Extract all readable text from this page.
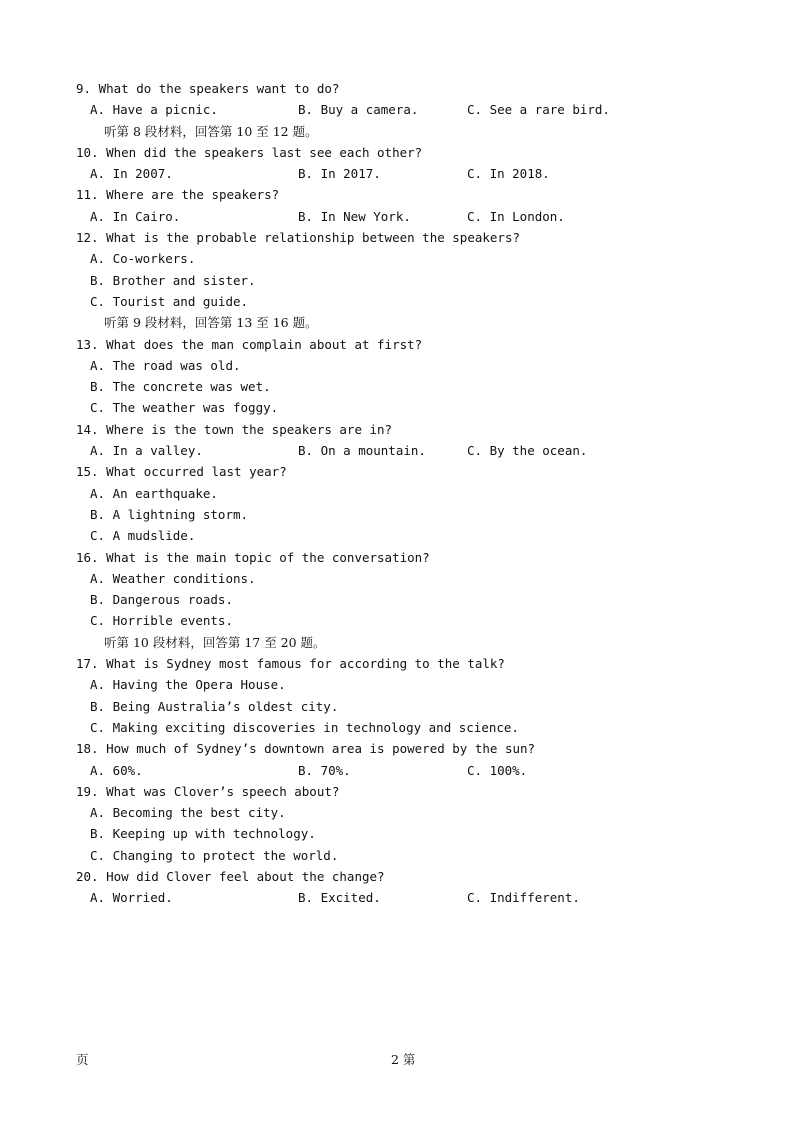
9. What do the speakers want to do?
A. Have a picnic.	B. Buy a camera.	C. See a rare bird.
听第 8 段材料，回答第 10 至 12 题。
10. When did the speakers last see each other?
A. In 2007.	B. In 2017.	C. In 2018.
11. Where are the speakers?
A. In Cairo.	B. In New York.	C. In London.
12. What is the probable relationship between the speakers?
A. Co-workers.
B. Brother and sister.
C. Tourist and guide.
听第 9 段材料，回答第 13 至 16 题。
13. What does the man complain about at first?
A. The road was old.
B. The concrete was wet.
C. The weather was foggy.
14. Where is the town the speakers are in?
A. In a valley.	B. On a mountain.	C. By the ocean.
15. What occurred last year?
A. An earthquake.
B. A lightning storm.
C. A mudslide.
16. What is the main topic of the conversation?
A. Weather conditions.
B. Dangerous roads.
C. Horrible events.
听第 10 段材料，回答第 17 至 20 题。
17. What is Sydney most famous for according to the talk?
A. Having the Opera House.
B. Being Australia’s oldest city.
C. Making exciting discoveries in technology and science.
18. How much of Sydney’s downtown area is powered by the sun?
A. 60%.	B. 70%.	C. 100%.
19. What was Clover’s speech about?
A. Becoming the best city.
B. Keeping up with technology.
C. Changing to protect the world.
20. How did Clover feel about the change?
A. Worried.	B. Excited.	C. Indifferent.
页	2 第
